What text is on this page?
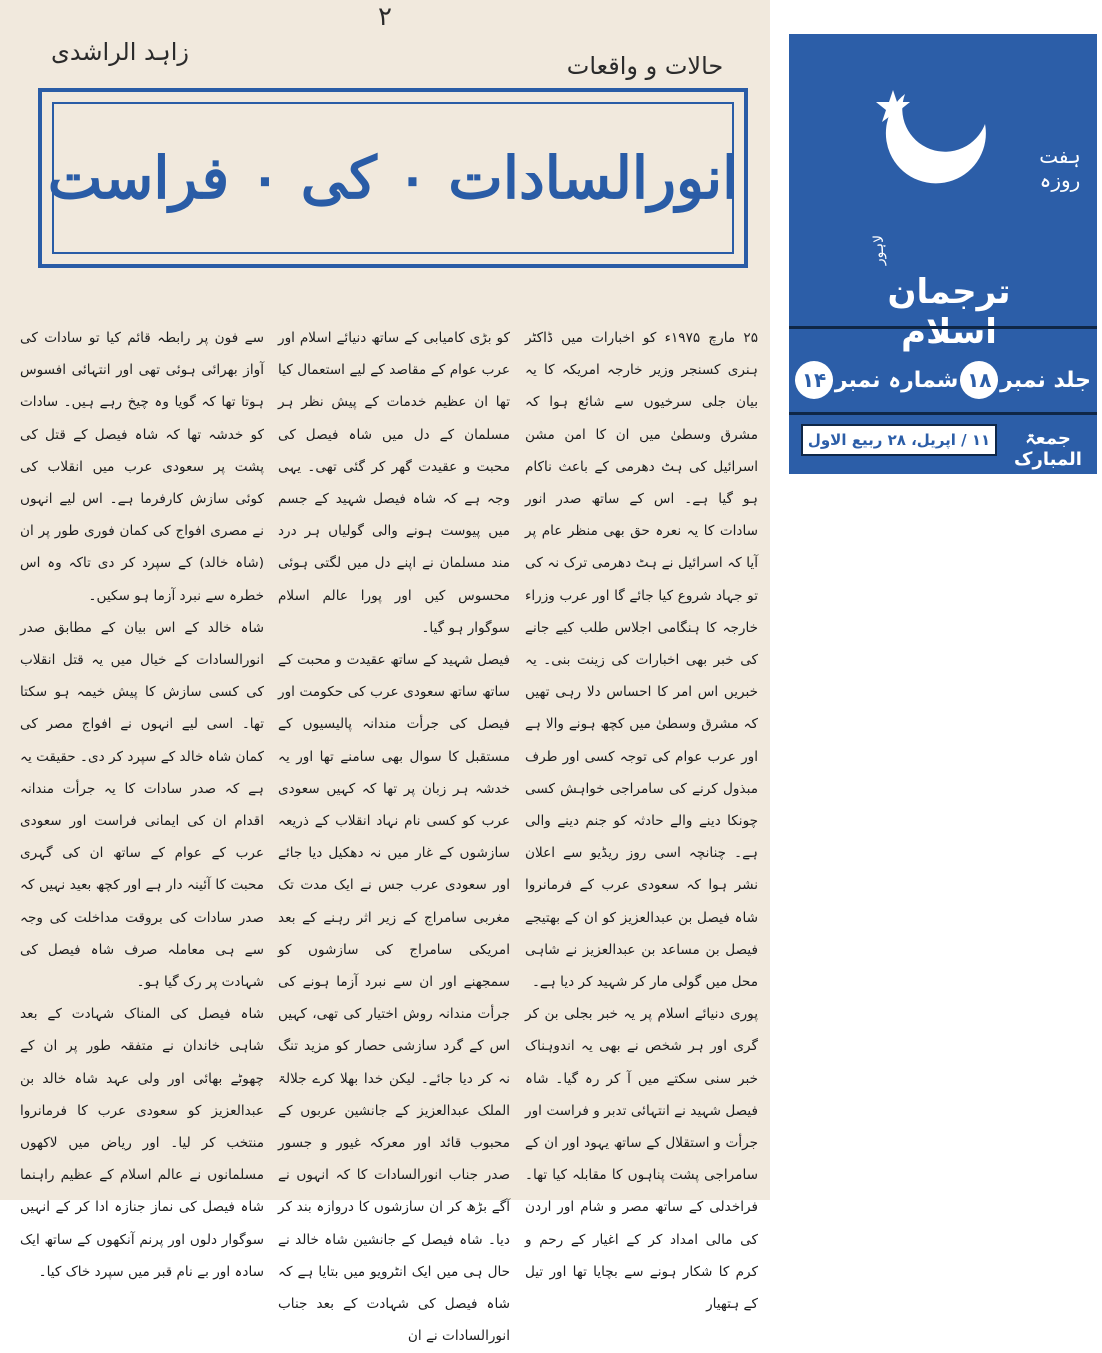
۲
زاہد الراشدی	حالات و واقعات
انورالسادات ۰ کی ۰ فراست

۲۵ مارچ ۱۹۷۵ء کو اخبارات میں ڈاکٹر ہنری کسنجر وزیر خارجہ امریکہ کا یہ بیان جلی سرخیوں سے شائع ہوا کہ مشرق وسطیٰ میں ان کا امن مشن اسرائیل کی ہٹ دھرمی کے باعث ناکام ہو گیا ہے۔ اس کے ساتھ صدر انور سادات کا یہ نعرہ حق بھی منظر عام پر آیا کہ اسرائیل نے ہٹ دھرمی ترک نہ کی تو جہاد شروع کیا جائے گا اور عرب وزراء خارجہ کا ہنگامی اجلاس طلب کیے جانے کی خبر بھی اخبارات کی زینت بنی۔ یہ خبریں اس امر کا احساس دلا رہی تھیں کہ مشرق وسطیٰ میں کچھ ہونے والا ہے اور عرب عوام کی توجہ کسی اور طرف مبذول کرنے کی سامراجی خواہش کسی چونکا دینے والے حادثہ کو جنم دینے والی ہے۔ چنانچہ اسی روز ریڈیو سے اعلان نشر ہوا کہ سعودی عرب کے فرمانروا شاہ فیصل بن عبدالعزیز کو ان کے بھتیجے فیصل بن مساعد بن عبدالعزیز نے شاہی محل میں گولی مار کر شہید کر دیا ہے۔

پوری دنیائے اسلام پر یہ خبر بجلی بن کر گری اور ہر شخص نے بھی یہ اندوہناک خبر سنی سکتے میں آ کر رہ گیا۔ شاہ فیصل شہید نے انتہائی تدبر و فراست اور جرأت و استقلال کے ساتھ یہود اور ان کے سامراجی پشت پناہوں کا مقابلہ کیا تھا۔ فراخدلی کے ساتھ مصر و شام اور اردن کی مالی امداد کر کے اغیار کے رحم و کرم کا شکار ہونے سے بچایا تھا اور تیل کے ہتھیار

کو بڑی کامیابی کے ساتھ دنیائے اسلام اور عرب عوام کے مقاصد کے لیے استعمال کیا تھا ان عظیم خدمات کے پیش نظر ہر مسلمان کے دل میں شاہ فیصل کی محبت و عقیدت گھر کر گئی تھی۔ یہی وجہ ہے کہ شاہ فیصل شہید کے جسم میں پیوست ہونے والی گولیاں ہر درد مند مسلمان نے اپنے دل میں لگتی ہوئی محسوس کیں اور پورا عالم اسلام سوگوار ہو گیا۔

فیصل شہید کے ساتھ عقیدت و محبت کے ساتھ ساتھ سعودی عرب کی حکومت اور فیصل کی جرأت مندانہ پالیسیوں کے مستقبل کا سوال بھی سامنے تھا اور یہ خدشہ ہر زبان پر تھا کہ کہیں سعودی عرب کو کسی نام نہاد انقلاب کے ذریعہ سازشوں کے غار میں نہ دھکیل دیا جائے اور سعودی عرب جس نے ایک مدت تک مغربی سامراج کے زیر اثر رہنے کے بعد امریکی سامراج کی سازشوں کو سمجھنے اور ان سے نبرد آزما ہونے کی جرأت مندانہ روش اختیار کی تھی، کہیں اس کے گرد سازشی حصار کو مزید تنگ نہ کر دیا جائے۔ لیکن خدا بھلا کرے جلالۃ الملک عبدالعزیز کے جانشین عربوں کے محبوب قائد اور معرکہ غیور و جسور صدر جناب انورالسادات کا کہ انہوں نے آگے بڑھ کر ان سازشوں کا دروازہ بند کر دیا۔ شاہ فیصل کے جانشین شاہ خالد نے حال ہی میں ایک انٹرویو میں بتایا ہے کہ شاہ فیصل کی شہادت کے بعد جناب انورالسادات نے ان

سے فون پر رابطہ قائم کیا تو سادات کی آواز بھرائی ہوئی تھی اور انتہائی افسوس ہوتا تھا کہ گویا وہ چیخ رہے ہیں۔ سادات کو خدشہ تھا کہ شاہ فیصل کے قتل کی پشت پر سعودی عرب میں انقلاب کی کوئی سازش کارفرما ہے۔ اس لیے انہوں نے مصری افواج کی کمان فوری طور پر ان (شاہ خالد) کے سپرد کر دی تاکہ وہ اس خطرہ سے نبرد آزما ہو سکیں۔

شاہ خالد کے اس بیان کے مطابق صدر انورالسادات کے خیال میں یہ قتل انقلاب کی کسی سازش کا پیش خیمہ ہو سکتا تھا۔ اسی لیے انہوں نے افواج مصر کی کمان شاہ خالد کے سپرد کر دی۔ حقیقت یہ ہے کہ صدر سادات کا یہ جرأت مندانہ اقدام ان کی ایمانی فراست اور سعودی عرب کے عوام کے ساتھ ان کی گہری محبت کا آئینہ دار ہے اور کچھ بعید نہیں کہ صدر سادات کی بروقت مداخلت کی وجہ سے ہی معاملہ صرف شاہ فیصل کی شہادت پر رک گیا ہو۔

شاہ فیصل کی المناک شہادت کے بعد شاہی خاندان نے متفقہ طور پر ان کے چھوٹے بھائی اور ولی عہد شاہ خالد بن عبدالعزیز کو سعودی عرب کا فرمانروا منتخب کر لیا۔ اور ریاض میں لاکھوں مسلمانوں نے عالم اسلام کے عظیم راہنما شاہ فیصل کی نماز جنازہ ادا کر کے انہیں سوگوار دلوں اور پرنم آنکھوں کے ساتھ ایک سادہ اور بے نام قبر میں سپرد خاک کیا۔

ہفت روزہ
لاہور
ترجمان اسلام
جلد نمبر
۱۸
شمارہ نمبر
۱۴
جمعۃ المبارک
۱۱ / اپریل، ۲۸ ربیع الاول
